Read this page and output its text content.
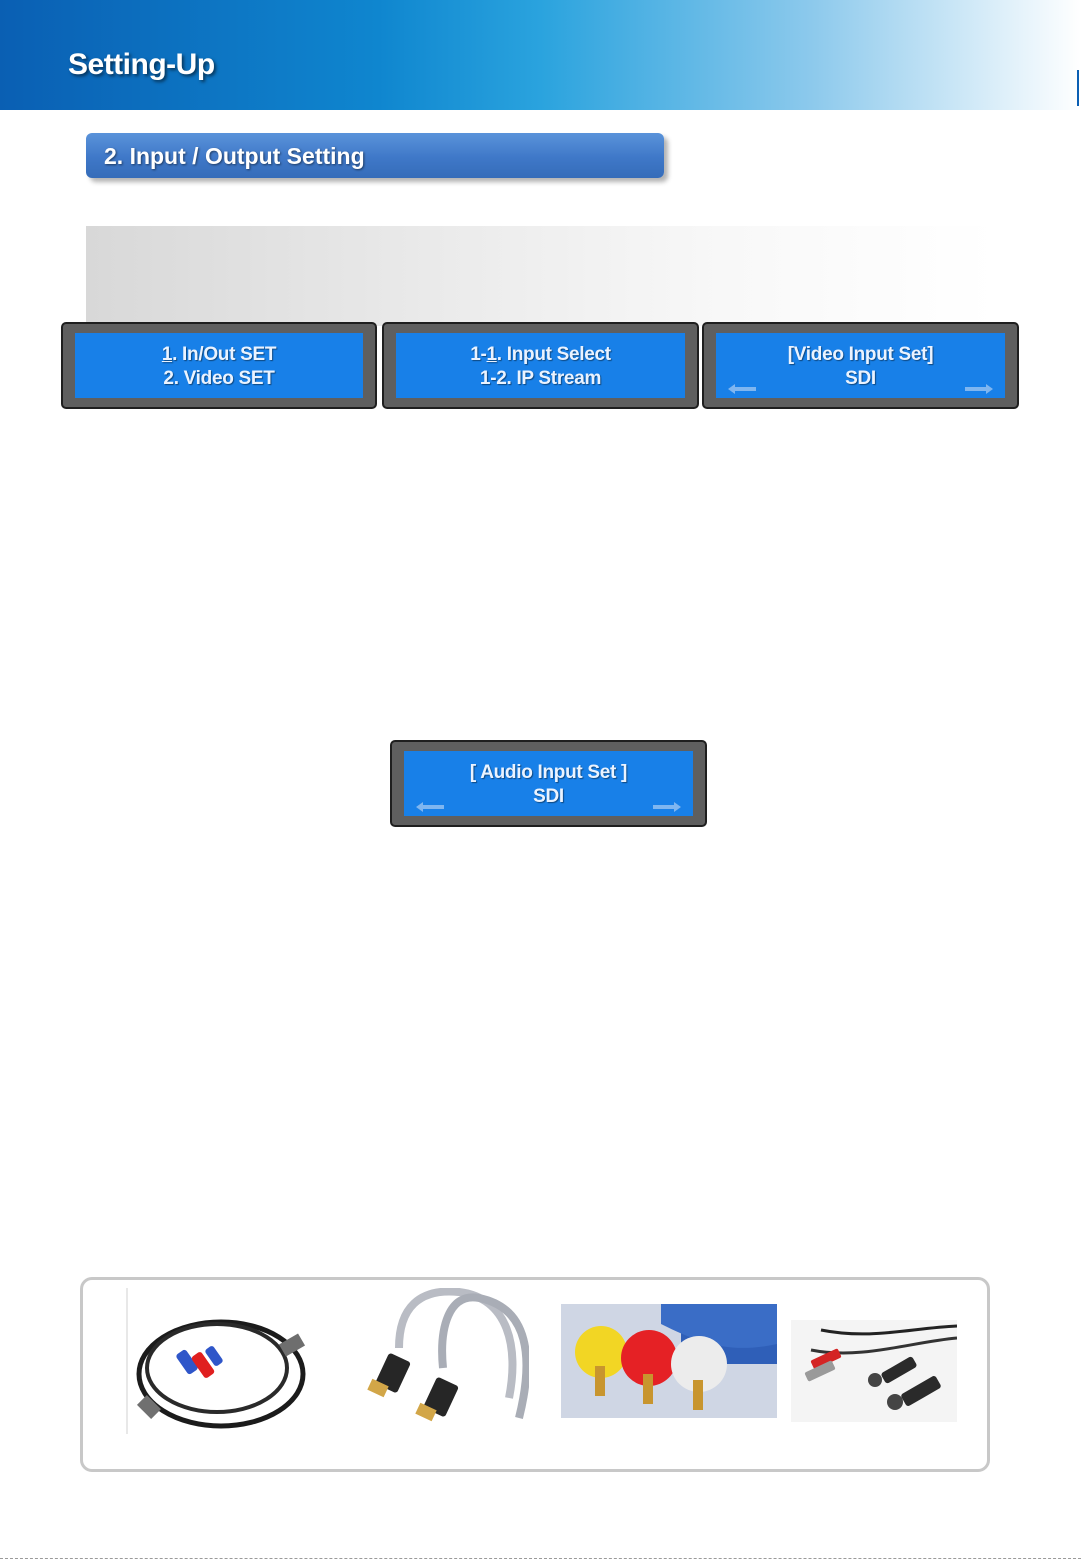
Setting-Up
2. Input / Output Setting
1. In/Out SET
2. Video SET
1-1. Input Select
1-2. IP Stream
[Video Input Set]
SDI
[ Audio Input Set ]
SDI
